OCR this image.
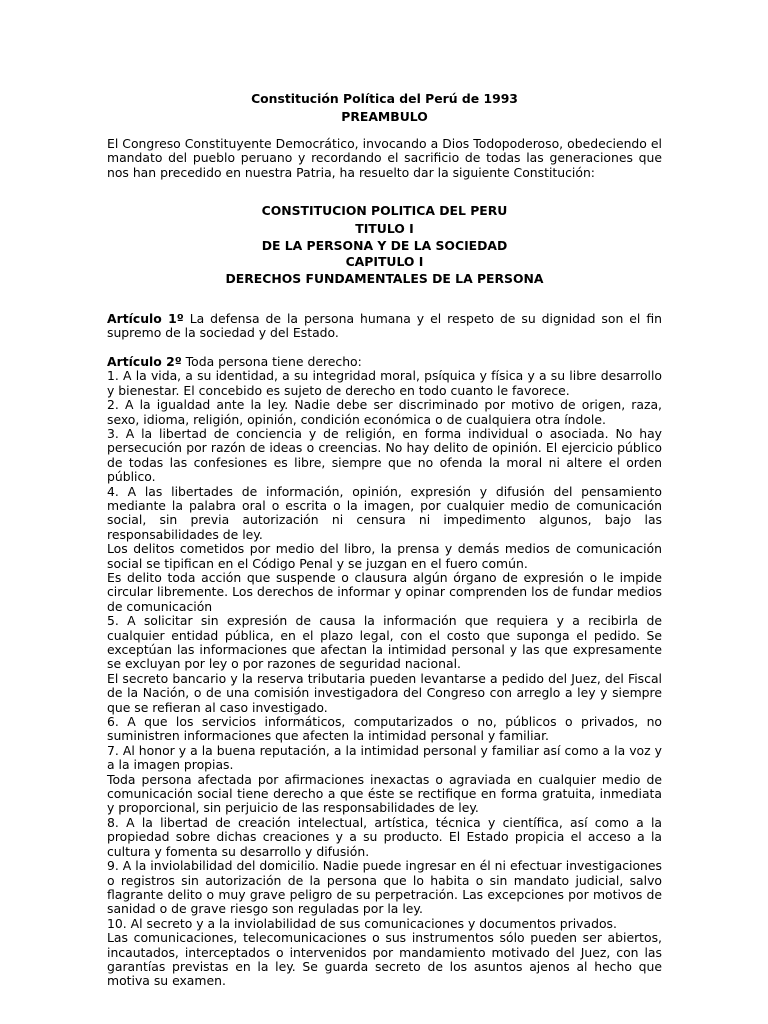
Constitución Política del Perú de 1993
PREAMBULO

El Congreso Constituyente Democrático, invocando a Dios Todopoderoso, obedeciendo el mandato del pueblo peruano y recordando el sacrificio de todas las generaciones que nos han precedido en nuestra Patria, ha resuelto dar la siguiente Constitución:

CONSTITUCION POLITICA DEL PERU
TITULO I
DE LA PERSONA Y DE LA SOCIEDAD
CAPITULO I
DERECHOS FUNDAMENTALES DE LA PERSONA

Artículo 1º La defensa de la persona humana y el respeto de su dignidad son el fin supremo de la sociedad y del Estado.

Artículo 2º Toda persona tiene derecho:

1. A la vida, a su identidad, a su integridad moral, psíquica y física y a su libre desarrollo y bienestar. El concebido es sujeto de derecho en todo cuanto le favorece.

2. A la igualdad ante la ley. Nadie debe ser discriminado por motivo de origen, raza, sexo, idioma, religión, opinión, condición económica o de cualquiera otra índole.

3. A la libertad de conciencia y de religión, en forma individual o asociada. No hay persecución por razón de ideas o creencias. No hay delito de opinión. El ejercicio público de todas las confesiones es libre, siempre que no ofenda la moral ni altere el orden público.

4. A las libertades de información, opinión, expresión y difusión del pensamiento mediante la palabra oral o escrita o la imagen, por cualquier medio de comunicación social, sin previa autorización ni censura ni impedimento algunos, bajo las responsabilidades de ley.

Los delitos cometidos por medio del libro, la prensa y demás medios de comunicación social se tipifican en el Código Penal y se juzgan en el fuero común.

Es delito toda acción que suspende o clausura algún órgano de expresión o le impide circular libremente. Los derechos de informar y opinar comprenden los de fundar medios de comunicación

5. A solicitar sin expresión de causa la información que requiera y a recibirla de cualquier entidad pública, en el plazo legal, con el costo que suponga el pedido. Se exceptúan las informaciones que afectan la intimidad personal y las que expresamente se excluyan por ley o por razones de seguridad nacional.

El secreto bancario y la reserva tributaria pueden levantarse a pedido del Juez, del Fiscal de la Nación, o de una comisión investigadora del Congreso con arreglo a ley y siempre que se refieran al caso investigado.

6. A que los servicios informáticos, computarizados o no, públicos o privados, no suministren informaciones que afecten la intimidad personal y familiar.

7. Al honor y a la buena reputación, a la intimidad personal y familiar así como a la voz y a la imagen propias.

Toda persona afectada por afirmaciones inexactas o agraviada en cualquier medio de comunicación social tiene derecho a que éste se rectifique en forma gratuita, inmediata y proporcional, sin perjuicio de las responsabilidades de ley.

8. A la libertad de creación intelectual, artística, técnica y científica, así como a la propiedad sobre dichas creaciones y a su producto. El Estado propicia el acceso a la cultura y fomenta su desarrollo y difusión.

9. A la inviolabilidad del domicilio. Nadie puede ingresar en él ni efectuar investigaciones o registros sin autorización de la persona que lo habita o sin mandato judicial, salvo flagrante delito o muy grave peligro de su perpetración. Las excepciones por motivos de sanidad o de grave riesgo son reguladas por la ley.

10. Al secreto y a la inviolabilidad de sus comunicaciones y documentos privados.

Las comunicaciones, telecomunicaciones o sus instrumentos sólo pueden ser abiertos, incautados, interceptados o intervenidos por mandamiento motivado del Juez, con las garantías previstas en la ley. Se guarda secreto de los asuntos ajenos al hecho que motiva su examen.
